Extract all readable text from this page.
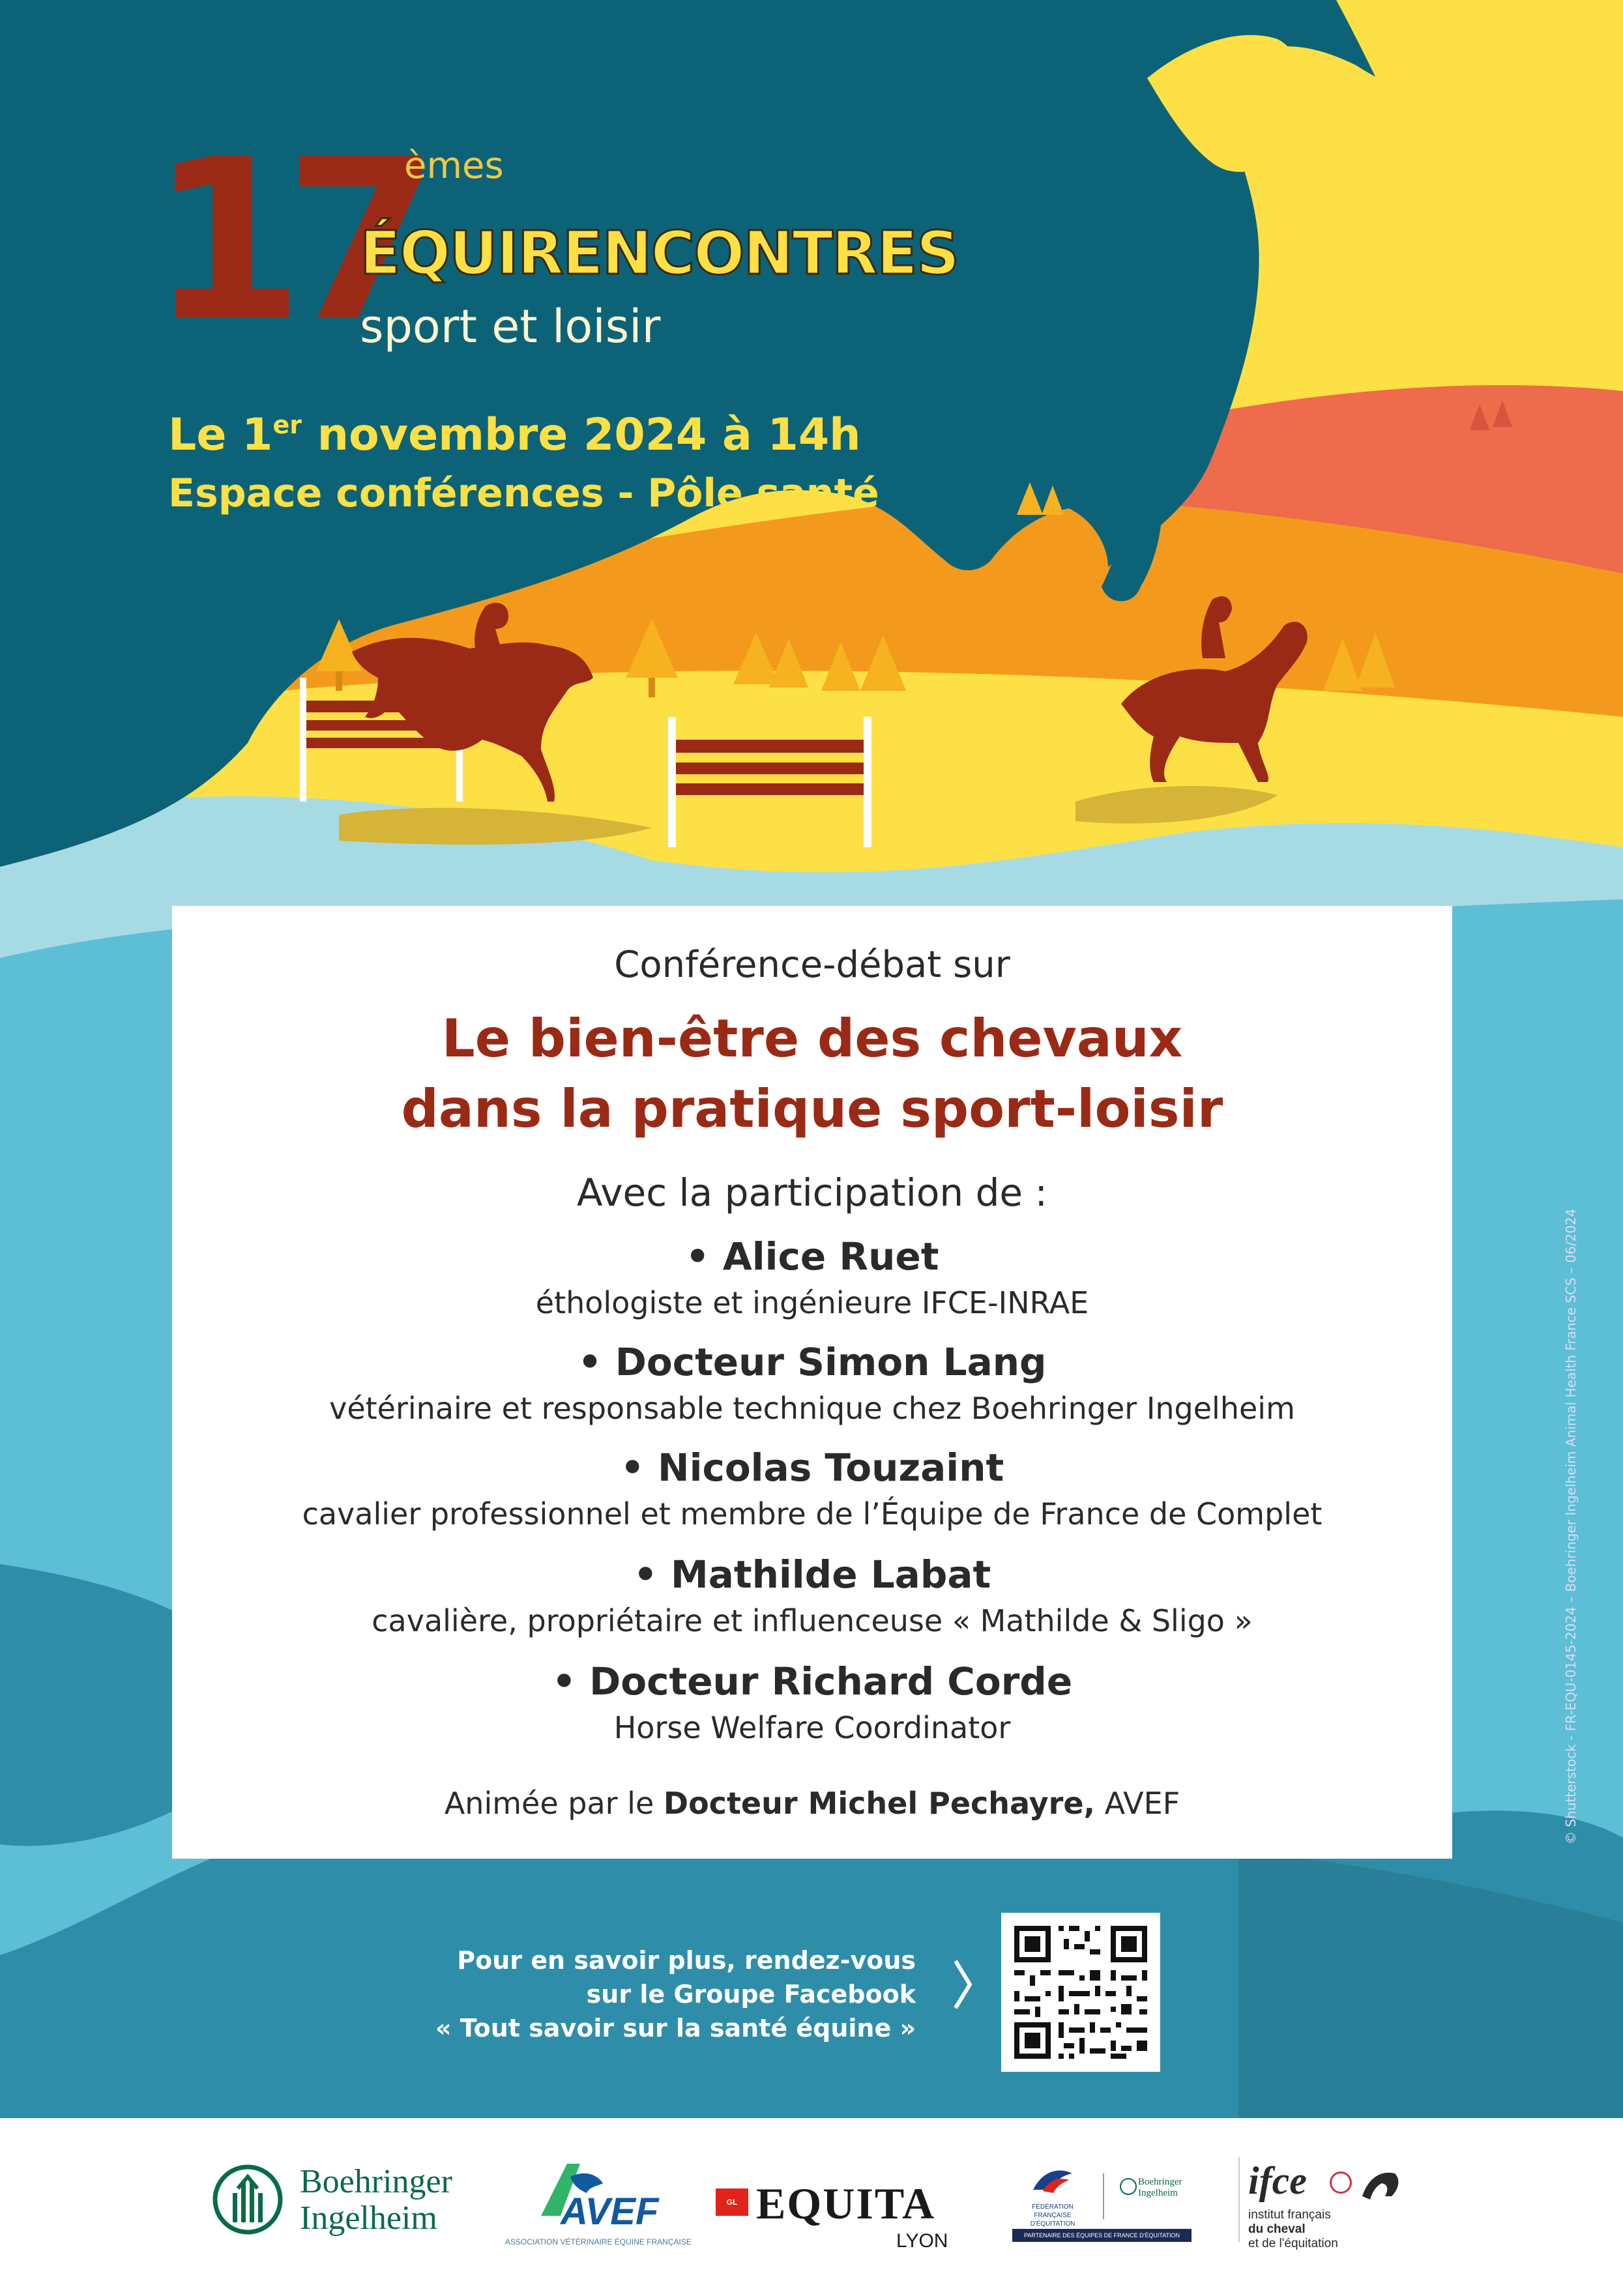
17
èmes
ÉQUIRENCONTRES
sport et loisir
Le 1er novembre 2024 à 14h
Espace conférences - Pôle santé
Conférence-débat sur
Le bien-être des chevaux
dans la pratique sport-loisir
Avec la participation de :
• Alice Ruet
éthologiste et ingénieure IFCE-INRAE
• Docteur Simon Lang
vétérinaire et responsable technique chez Boehringer Ingelheim
• Nicolas Touzaint
cavalier professionnel et membre de l’Équipe de France de Complet
• Mathilde Labat
cavalière, propriétaire et influenceuse « Mathilde & Sligo »
• Docteur Richard Corde
Horse Welfare Coordinator
Animée par le Docteur Michel Pechayre, AVEF
Pour en savoir plus, rendez-vous
sur le Groupe Facebook
« Tout savoir sur la santé équine »
© Shutterstock - FR-EQU-0145-2024 – Boehringer Ingelheim Animal Health France SCS – 06/2024
Boehringer
Ingelheim	AVEF
ASSOCIATION VÉTÉRINAIRE ÉQUINE FRANÇAISE
GL events
EQUITA
LYON
FÉDÉRATION FRANÇAISE
D'ÉQUITATION
Boehringer
Ingelheim
PARTENAIRE DES ÉQUIPES DE FRANCE D'ÉQUITATION
ifce
institut français
du cheval
et de l'équitation
